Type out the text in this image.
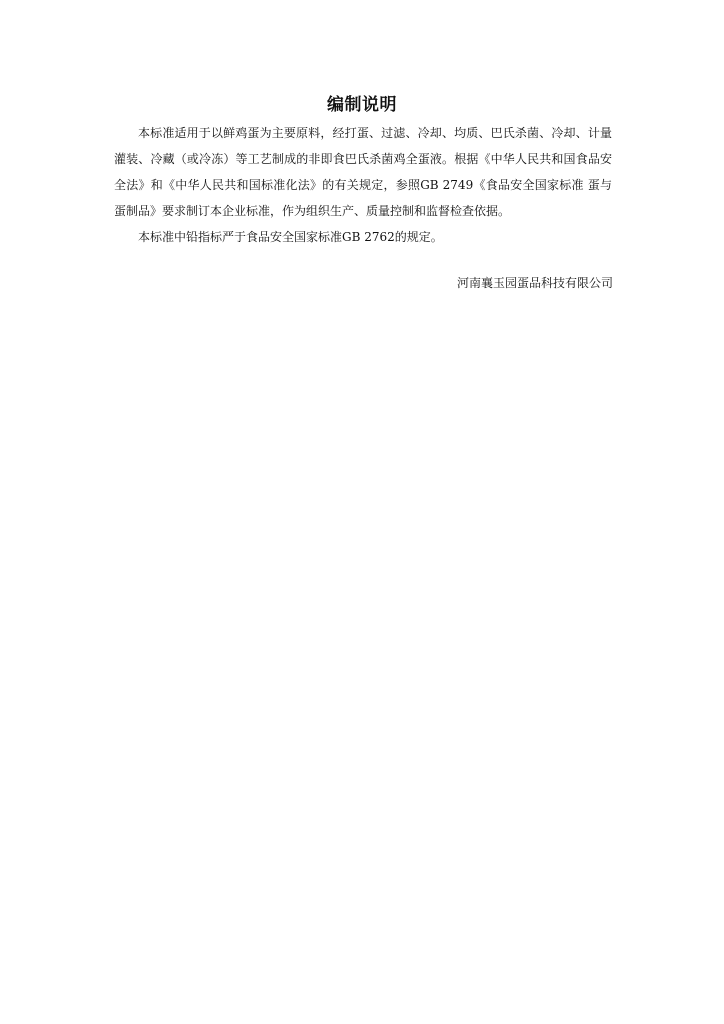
编制说明

本标准适用于以鲜鸡蛋为主要原料，经打蛋、过滤、冷却、均质、巴氏杀菌、冷却、计量灌装、冷藏（或冷冻）等工艺制成的非即食巴氏杀菌鸡全蛋液。根据《中华人民共和国食品安全法》和《中华人民共和国标准化法》的有关规定，参照GB 2749《食品安全国家标准 蛋与蛋制品》要求制订本企业标准，作为组织生产、质量控制和监督检查依据。

本标准中铅指标严于食品安全国家标准GB 2762的规定。

河南襄玉园蛋品科技有限公司
